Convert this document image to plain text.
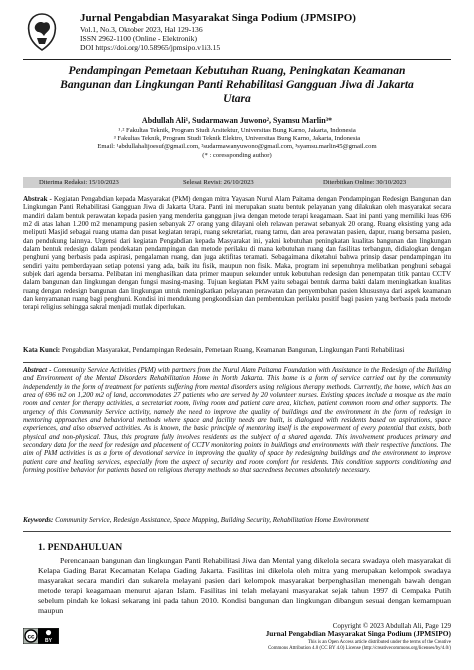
Jurnal Pengabdian Masyarakat Singa Podium (JPMSIPO)
Vol.1, No.3, Oktober 2023, Hal 129-136
ISSN 2962-1100 (Online - Elektronik)
DOI https://doi.org/10.58965/jpmsipo.v1i3.15
Pendampingan Pemetaan Kebutuhan Ruang, Peningkatan Keamanan Bangunan dan Lingkungan Panti Rehabilitasi Gangguan Jiwa di Jakarta Utara
Abdullah Ali¹, Sudarmawan Juwono², Syamsu Marlin³*
¹˒² Fakultas Teknik, Program Studi Arsitektur, Universitas Bung Karno, Jakarta, Indonesia
³ Fakultas Teknik, Program Studi Teknik Elektro, Universitas Bung Karno, Jakarta, Indonesia
Email: ¹abdullahalijoesuf@gmail.com, ²sudarmawanyuwono@gmail.com, ³syamsu.marlin45@gmail.com
(* : coressponding author)
Diterima Redaksi: 15/10/2023	Selesai Revisi: 26/10/2023	Diterbitkan Online: 30/10/2023
Abstrak - Kegiatan Pengabdian kepada Masyarakat (PkM) dengan mitra Yayasan Nurul Alam Paitama dengan Pendampingan Redesign Bangunan dan Lingkungan Panti Rehabilitasi Gangguan Jiwa di Jakarta Utara. Panti ini merupakan suatu bentuk pelayanan yang dilakukan oleh masyarakat secara mandiri dalam bentuk perawatan kepada pasien yang menderita gangguan jiwa dengan metode terapi keagamaan. Saat ini panti yang memiliki luas 696 m2 di atas lahan 1.200 m2 menampung pasien sebanyak 27 orang yang dilayani oleh relawan perawat sebanyak 20 orang. Ruang eksisting yang ada meliputi Masjid sebagai ruang utama dan pusat kegiatan terapi, ruang sekretariat, ruang tamu, dan area perawatan pasien, dapur, ruang bersama pasien, dan pendukung lainnya. Urgensi dari kegiatan Pengabdian kepada Masyarakat ini, yakni kebutuhan peningkatan kualitas bangunan dan lingkungan dalam bentuk redesign dalam pendekatan pendampingan dan metode perilaku di mana kebutuhan ruang dan fasilitas terbangun, didialogkan dengan penghuni yang berbasis pada aspirasi, pengalaman ruang, dan juga aktifitas teramati. Sebagaimana diketahui bahwa prinsip dasar pendampingan itu sendiri yaitu pemberdayaan setiap potensi yang ada, baik itu fisik, maupun non fisik. Maka, program ini sepenuhnya melibatkan penghuni sebagai subjek dari agenda bersama. Pelibatan ini menghasilkan data primer maupun sekunder untuk kebutuhan redesign dan penempatan titik pantau CCTV dalam bangunan dan lingkungan dengan fungsi masing-masing. Tujuan kegiatan PkM yaitu sebagai bentuk darma bakti dalam meningkatkan kualitas ruang dengan redesign bangunan dan lingkungan untuk meningkatkan pelayanan perawatan dan penyembuhan pasien khususnya dari aspek keamanan dan kenyamanan ruang bagi penghuni. Kondisi ini mendukung pengkondisian dan pembentukan perilaku positif bagi pasien yang berbasis pada metode terapi religius sehingga sakral menjadi mutlak diperlukan.
Kata Kunci: Pengabdian Masyarakat, Pendampingan Redesain, Pemetaan Ruang, Keamanan Bangunan, Lingkungan Panti Rehabilitasi
Abstract - Community Service Activities (PkM) with partners from the Nurul Alam Paitama Foundation with Assistance in the Redesign of the Building and Environment of the Mental Disorders Rehabilitation Home in North Jakarta. This home is a form of service carried out by the community independently in the form of treatment for patients suffering from mental disorders using religious therapy methods. Currently, the home, which has an area of 696 m2 on 1,200 m2 of land, accommodates 27 patients who are served by 20 volunteer nurses. Existing spaces include a mosque as the main room and center for therapy activities, a secretariat room, living room and patient care area, kitchen, patient common room and other supports. The urgency of this Community Service activity, namely the need to improve the quality of buildings and the environment in the form of redesign in mentoring approaches and behavioral methods where space and facility needs are built, is dialogued with residents based on aspirations, space experiences, and also observed activities. As is known, the basic principle of mentoring itself is the empowerment of every potential that exists, both physical and non-physical. Thus, this program fully involves residents as the subject of a shared agenda. This involvement produces primary and secondary data for the need for redesign and placement of CCTV monitoring points in buildings and environments with their respective functions. The aim of PkM activities is as a form of devotional service in improving the quality of space by redesigning buildings and the environment to improve patient care and healing services, especially from the aspect of security and room comfort for residents. This condition supports conditioning and forming positive behavior for patients based on religious therapy methods so that sacredness becomes absolutely necessary.
Keywords: Community Service, Redesign Assistance, Space Mapping, Building Security, Rehabilitation Home Environment
1. PENDAHULUAN
Perencanaan bangunan dan lingkungan Panti Rehabilitasi Jiwa dan Mental yang dikelola secara swadaya oleh masyarakat di Kelapa Gading Barat Kecamatan Kelapa Gading Jakarta. Fasilitas ini dikelola oleh mitra yang merupakan kelompok swadaya masyarakat secara mandiri dan sukarela melayani pasien dari kelompok masyarakat berpenghasilan menengah bawah dengan metode terapi keagamaan menurut ajaran Islam. Fasilitas ini telah melayani masyarakat sejak tahun 1997 di Cempaka Putih sebelum pindah ke lokasi sekarang ini pada tahun 2010. Kondisi bangunan dan lingkungan dibangun sesuai dengan kemampuan maupun
cc
BY
Copyright © 2023 Abdullah Ali, Page 129
Jurnal Pengabdian Masyarakat Singa Podium (JPMSIPO)
This is an Open Access article distributed under the terms of the Creative
Commons Attribution 4.0 (CC BY 4.0) License (http://creativecommons.org/licenses/by/4.0/)
